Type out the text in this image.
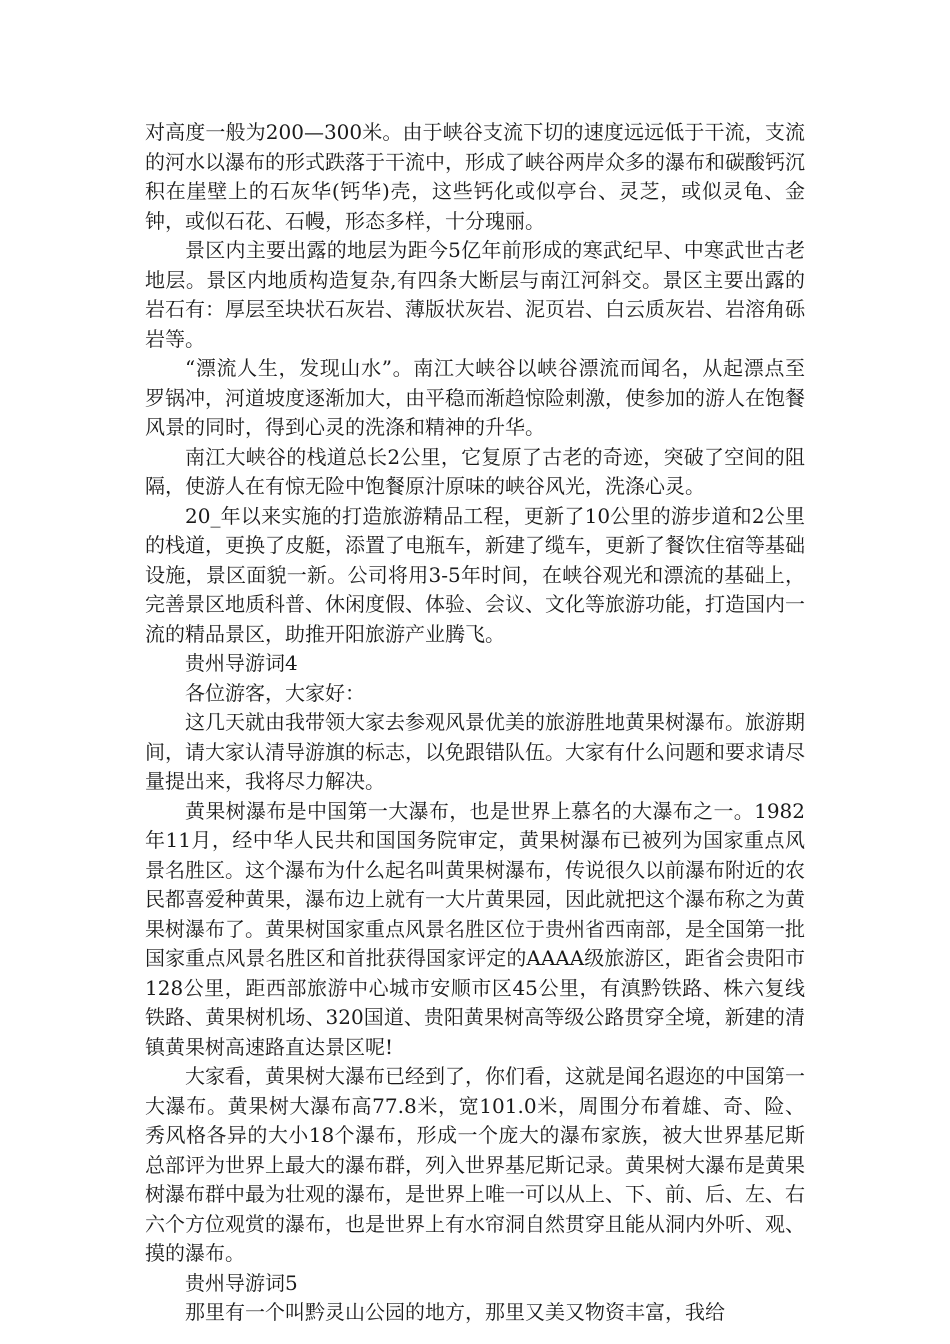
对高度一般为200—300米。由于峡谷支流下切的速度远远低于干流，支流的河水以瀑布的形式跌落于干流中，形成了峡谷两岸众多的瀑布和碳酸钙沉积在崖壁上的石灰华(钙华)壳，这些钙化或似亭台、灵芝，或似灵龟、金钟，或似石花、石幔，形态多样，十分瑰丽。

景区内主要出露的地层为距今5亿年前形成的寒武纪早、中寒武世古老地层。景区内地质构造复杂,有四条大断层与南江河斜交。景区主要出露的岩石有：厚层至块状石灰岩、薄版状灰岩、泥页岩、白云质灰岩、岩溶角砾岩等。

“漂流人生，发现山水”。南江大峡谷以峡谷漂流而闻名，从起漂点至罗锅冲，河道坡度逐渐加大，由平稳而渐趋惊险刺激，使参加的游人在饱餐风景的同时，得到心灵的洗涤和精神的升华。

南江大峡谷的栈道总长2公里，它复原了古老的奇迹，突破了空间的阻隔，使游人在有惊无险中饱餐原汁原味的峡谷风光，洗涤心灵。

20_年以来实施的打造旅游精品工程，更新了10公里的游步道和2公里的栈道，更换了皮艇，添置了电瓶车，新建了缆车，更新了餐饮住宿等基础设施，景区面貌一新。公司将用3-5年时间，在峡谷观光和漂流的基础上，完善景区地质科普、休闲度假、体验、会议、文化等旅游功能，打造国内一流的精品景区，助推开阳旅游产业腾飞。

贵州导游词4

各位游客，大家好：

这几天就由我带领大家去参观风景优美的旅游胜地黄果树瀑布。旅游期间，请大家认清导游旗的标志，以免跟错队伍。大家有什么问题和要求请尽量提出来，我将尽力解决。

黄果树瀑布是中国第一大瀑布，也是世界上慕名的大瀑布之一。1982年11月，经中华人民共和国国务院审定，黄果树瀑布已被列为国家重点风景名胜区。这个瀑布为什么起名叫黄果树瀑布，传说很久以前瀑布附近的农民都喜爱种黄果，瀑布边上就有一大片黄果园，因此就把这个瀑布称之为黄果树瀑布了。黄果树国家重点风景名胜区位于贵州省西南部，是全国第一批国家重点风景名胜区和首批获得国家评定的AAAA级旅游区，距省会贵阳市128公里，距西部旅游中心城市安顺市区45公里，有滇黔铁路、株六复线铁路、黄果树机场、320国道、贵阳黄果树高等级公路贯穿全境，新建的清镇黄果树高速路直达景区呢!

大家看，黄果树大瀑布已经到了，你们看，这就是闻名遐迩的中国第一大瀑布。黄果树大瀑布高77.8米，宽101.0米，周围分布着雄、奇、险、秀风格各异的大小18个瀑布，形成一个庞大的瀑布家族，被大世界基尼斯总部评为世界上最大的瀑布群，列入世界基尼斯记录。黄果树大瀑布是黄果树瀑布群中最为壮观的瀑布，是世界上唯一可以从上、下、前、后、左、右六个方位观赏的瀑布，也是世界上有水帘洞自然贯穿且能从洞内外听、观、摸的瀑布。

贵州导游词5

那里有一个叫黔灵山公园的地方，那里又美又物资丰富，我给
